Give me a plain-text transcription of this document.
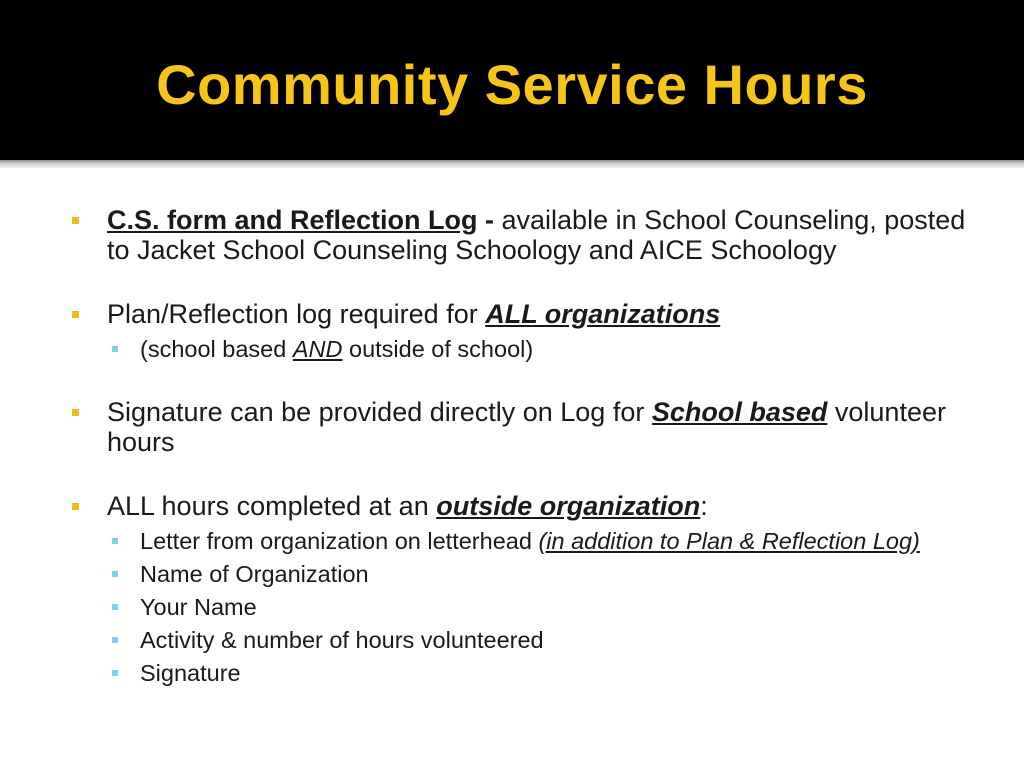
Community Service Hours
C.S. form and Reflection Log - available in School Counseling, posted to Jacket School Counseling Schoology and AICE Schoology
Plan/Reflection log required for ALL organizations
(school based AND outside of school)
Signature can be provided directly on Log for School based volunteer hours
ALL hours completed at an outside organization:
Letter from organization on letterhead (in addition to Plan & Reflection Log)
Name of Organization
Your Name
Activity & number of hours volunteered
Signature
